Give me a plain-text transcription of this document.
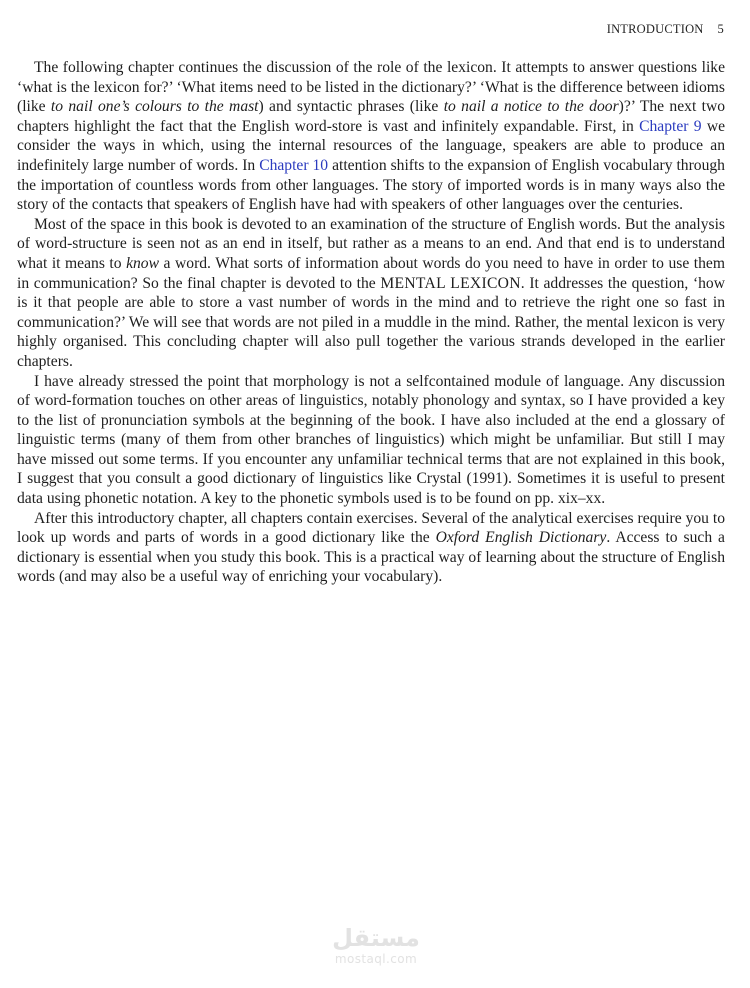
INTRODUCTION 5

The following chapter continues the discussion of the role of the lexicon. It attempts to answer questions like ‘what is the lexicon for?’ ‘What items need to be listed in the dictionary?’ ‘What is the difference between idioms (like to nail one’s colours to the mast) and syntactic phrases (like to nail a notice to the door)?’ The next two chapters highlight the fact that the English word-store is vast and infinitely expandable. First, in Chapter 9 we consider the ways in which, using the internal resources of the language, speakers are able to produce an indefinitely large number of words. In Chapter 10 attention shifts to the expansion of English vocabulary through the importation of countless words from other languages. The story of imported words is in many ways also the story of the contacts that speakers of English have had with speakers of other languages over the centuries.

Most of the space in this book is devoted to an examination of the structure of English words. But the analysis of word-structure is seen not as an end in itself, but rather as a means to an end. And that end is to understand what it means to know a word. What sorts of information about words do you need to have in order to use them in communication? So the final chapter is devoted to the MENTAL LEXICON. It addresses the question, ‘how is it that people are able to store a vast number of words in the mind and to retrieve the right one so fast in communication?’ We will see that words are not piled in a muddle in the mind. Rather, the mental lexicon is very highly organised. This concluding chapter will also pull together the various strands developed in the earlier chapters.

I have already stressed the point that morphology is not a selfcontained module of language. Any discussion of word-formation touches on other areas of linguistics, notably phonology and syntax, so I have provided a key to the list of pronunciation symbols at the beginning of the book. I have also included at the end a glossary of linguistic terms (many of them from other branches of linguistics) which might be unfamiliar. But still I may have missed out some terms. If you encounter any unfamiliar technical terms that are not explained in this book, I suggest that you consult a good dictionary of linguistics like Crystal (1991). Sometimes it is useful to present data using phonetic notation. A key to the phonetic symbols used is to be found on pp. xix–xx.

After this introductory chapter, all chapters contain exercises. Several of the analytical exercises require you to look up words and parts of words in a good dictionary like the Oxford English Dictionary. Access to such a dictionary is essential when you study this book. This is a practical way of learning about the structure of English words (and may also be a useful way of enriching your vocabulary).

مستقل
mostaql.com
